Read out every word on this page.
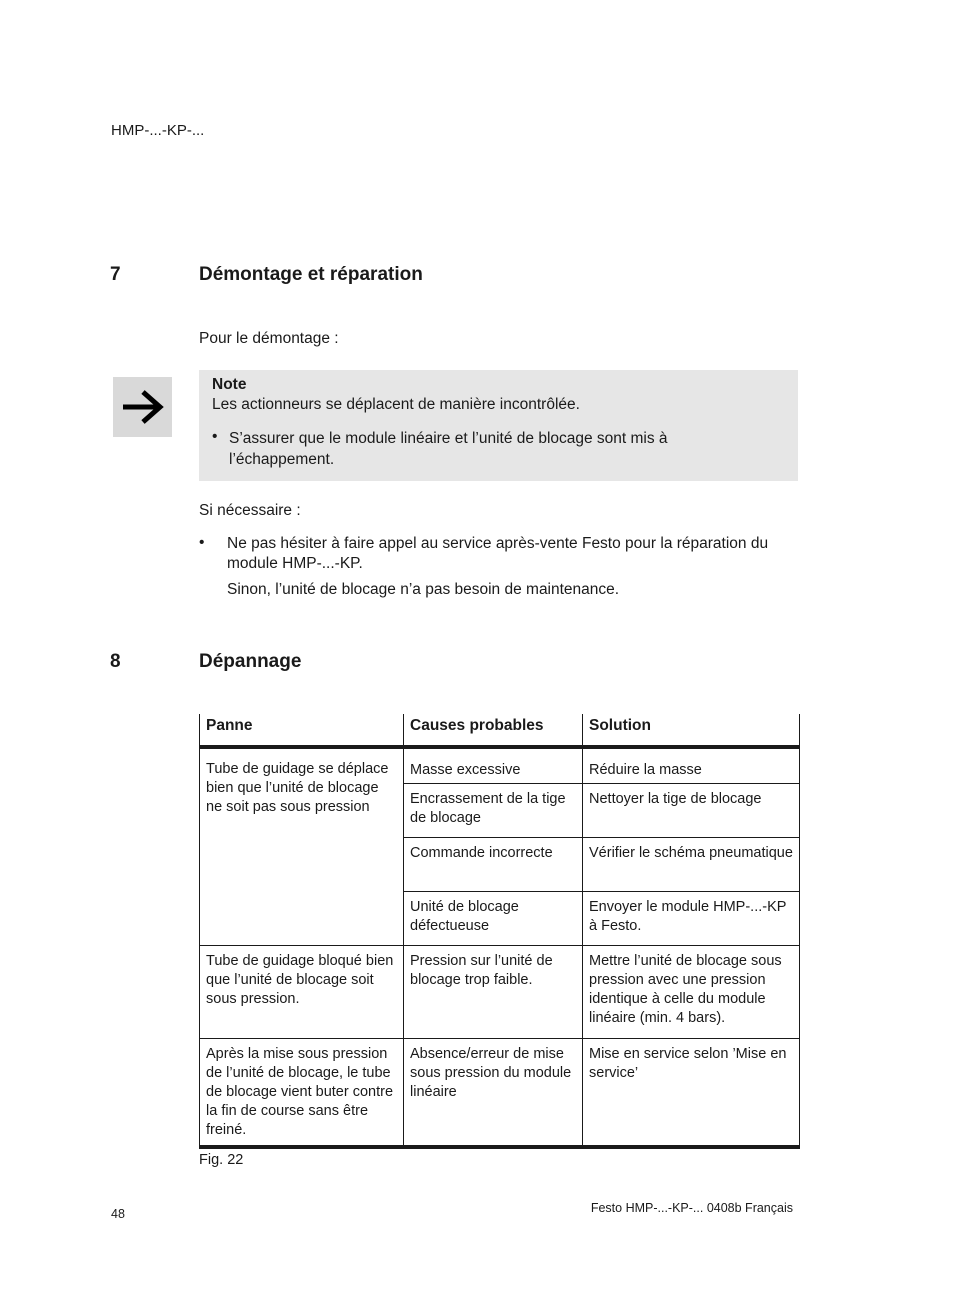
HMP-...-KP-...
7	Démontage et réparation
Pour le démontage :
Note
Les actionneurs se déplacent de manière incontrôlée.
• S’assurer que le module linéaire et l’unité de blocage sont mis à l’échappement.
Si nécessaire :
• Ne pas hésiter à faire appel au service après-vente Festo pour la réparation du module HMP-...-KP.
Sinon, l’unité de blocage n’a pas besoin de maintenance.
8	Dépannage
Panne	Causes probables	Solution
Tube de guidage se déplace bien que l’unité de blocage ne soit pas sous pression	Masse excessive	Réduire la masse
	Encrassement de la tige de blocage	Nettoyer la tige de blocage
	Commande incorrecte	Vérifier le schéma pneumatique
	Unité de blocage défectueuse	Envoyer le module HMP-...-KP à Festo.
Tube de guidage bloqué bien que l’unité de blocage soit sous pression.	Pression sur l’unité de blocage trop faible.	Mettre l’unité de blocage sous pression avec une pression identique à celle du module linéaire (min. 4 bars).
Après la mise sous pression de l’unité de blocage, le tube de blocage vient buter contre la fin de course sans être freiné.	Absence/erreur de mise sous pression du module linéaire	Mise en service selon ’Mise en service’
Fig. 22
48	Festo HMP-...-KP-... 0408b Français
